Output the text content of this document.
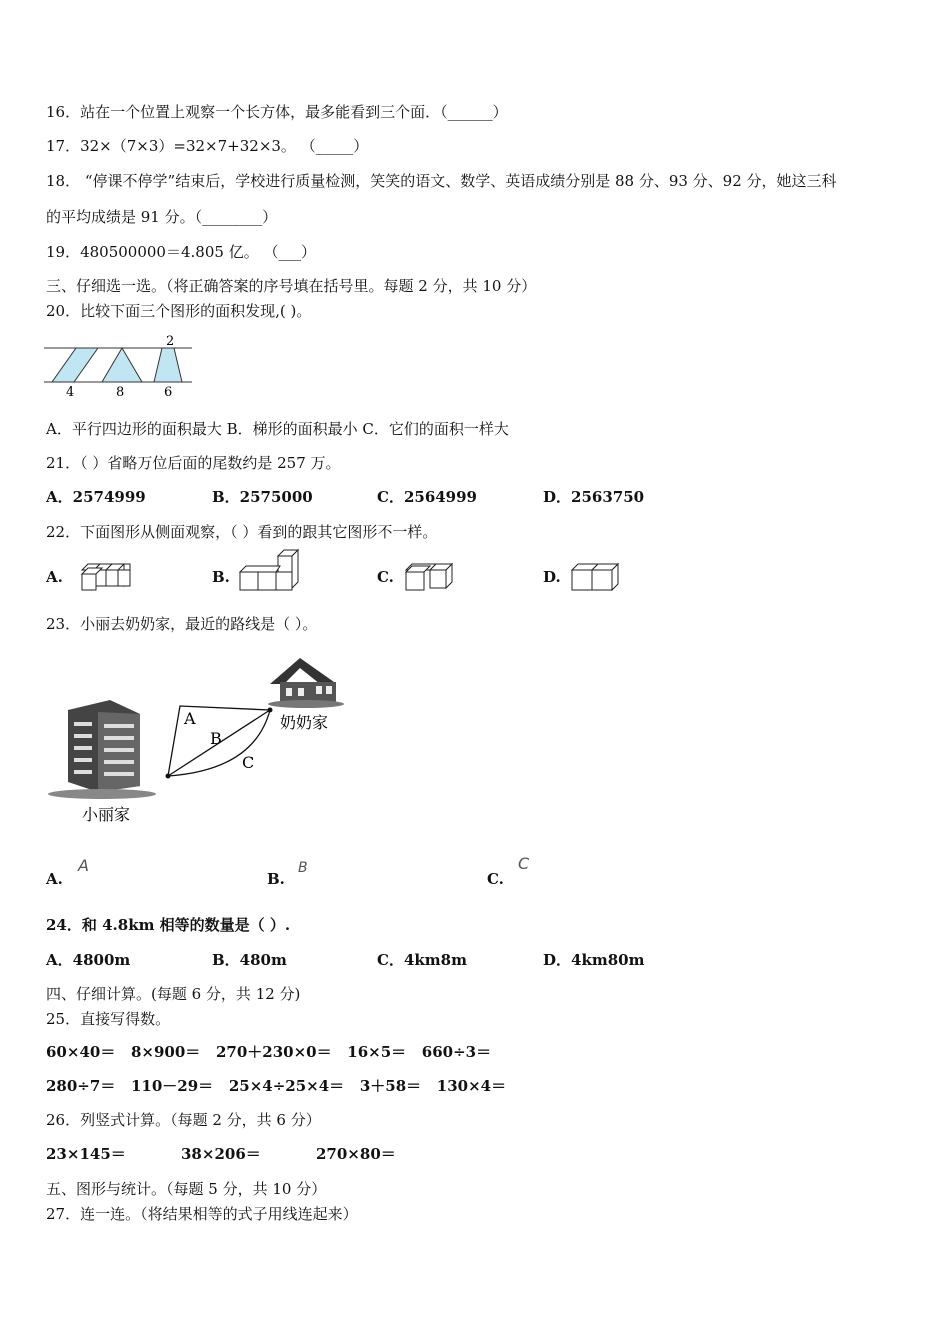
16．站在一个位置上观察一个长方体，最多能看到三个面．（______）
17．32×（7×3）=32×7+32×3。 （_____）
18． “停课不停学”结束后，学校进行质量检测，笑笑的语文、数学、英语成绩分别是 88 分、93 分、92 分，她这三科
的平均成绩是 91 分。（________）
19．480500000＝4.805 亿。 （___）
三、仔细选一选。（将正确答案的序号填在括号里。每题 2 分，共 10 分）
20．比较下面三个图形的面积发现,( )。
2
4	8	6
A．平行四边形的面积最大 B．梯形的面积最小 C．它们的面积一样大
21．（ ）省略万位后面的尾数约是 257 万。
A．2574999	B．2575000	C．2564999	D．2563750
22．下面图形从侧面观察，（ ）看到的跟其它图形不一样。
A.	B.	C.	D.
23．小丽去奶奶家，最近的路线是（ ）。
A
B
C
奶奶家
小丽家
A.
A
B.
B
C.
C
24．和 4.8km 相等的数量是（ ）.
A．4800m	B．480m	C．4km8m	D．4km80m
四、仔细计算。(每题 6 分，共 12 分)
25．直接写得数。
60×40＝   8×900＝   270＋230×0＝   16×5＝   660÷3＝
280÷7＝   110－29＝   25×4÷25×4＝   3＋58＝   130×4＝
26．列竖式计算。（每题 2 分，共 6 分）
23×145＝	38×206＝	270×80＝
五、图形与统计。（每题 5 分，共 10 分）
27．连一连。（将结果相等的式子用线连起来）
